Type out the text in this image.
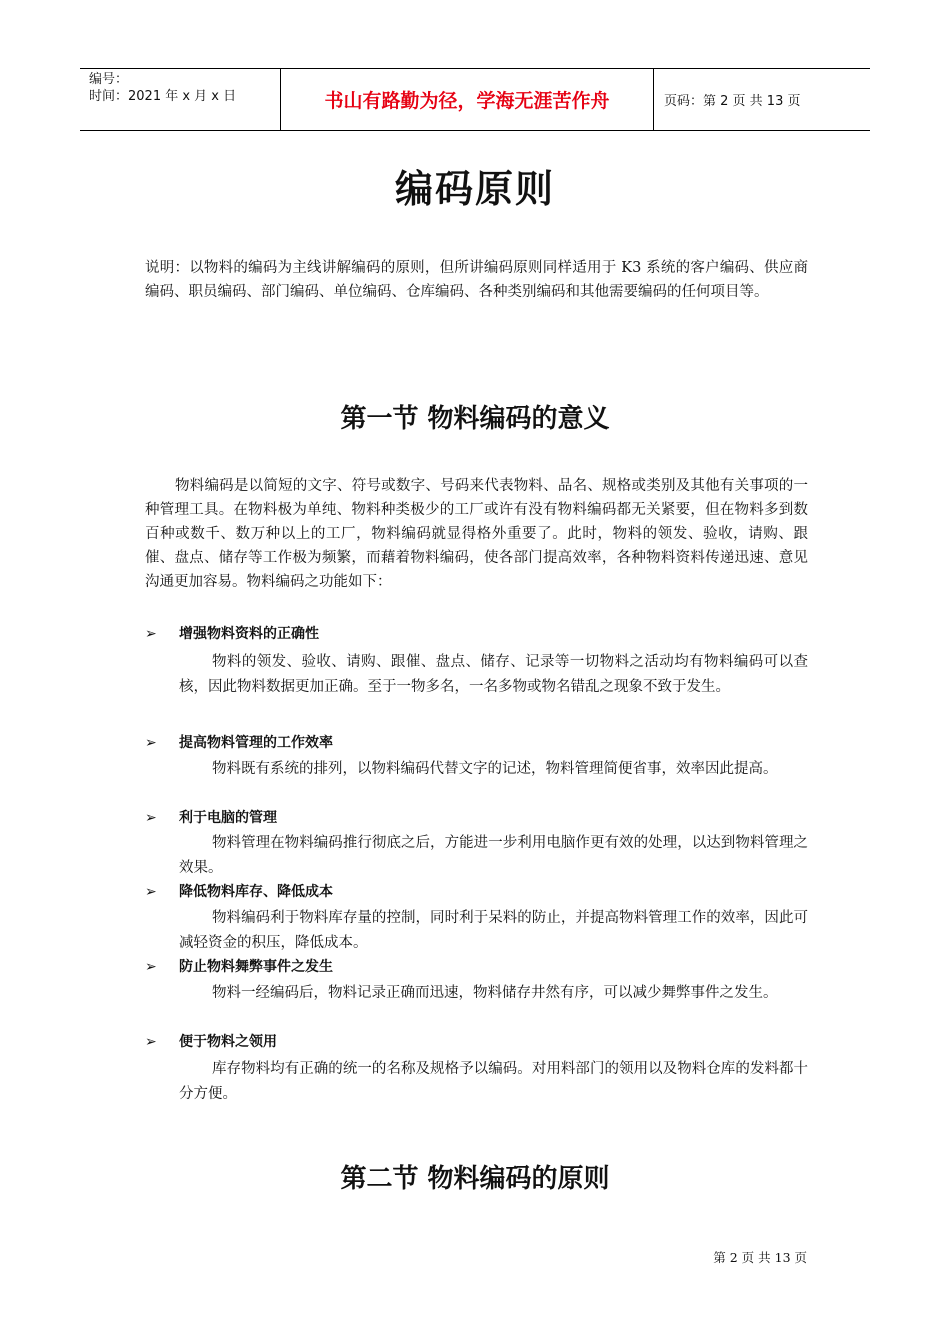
编号：
时间：2021 年 x 月 x 日	书山有路勤为径，学海无涯苦作舟	页码：第 2 页 共 13 页
编码原则
说明：以物料的编码为主线讲解编码的原则，但所讲编码原则同样适用于 K3 系统的客户编码、供应商编码、职员编码、部门编码、单位编码、仓库编码、各种类别编码和其他需要编码的任何项目等。
第一节 物料编码的意义
物料编码是以简短的文字、符号或数字、号码来代表物料、品名、规格或类别及其他有关事项的一种管理工具。在物料极为单纯、物料种类极少的工厂或许有没有物料编码都无关紧要，但在物料多到数百种或数千、数万种以上的工厂，物料编码就显得格外重要了。此时，物料的领发、验收，请购、跟催、盘点、储存等工作极为频繁，而藉着物料编码，使各部门提高效率，各种物料资料传递迅速、意见沟通更加容易。物料编码之功能如下：
➢ 增强物料资料的正确性
物料的领发、验收、请购、跟催、盘点、储存、记录等一切物料之活动均有物料编码可以查核，因此物料数据更加正确。至于一物多名，一名多物或物名错乱之现象不致于发生。
➢ 提高物料管理的工作效率
物料既有系统的排列，以物料编码代替文字的记述，物料管理简便省事，效率因此提高。
➢ 利于电脑的管理
物料管理在物料编码推行彻底之后，方能进一步利用电脑作更有效的处理，以达到物料管理之效果。
➢ 降低物料库存、降低成本
物料编码利于物料库存量的控制，同时利于呆料的防止，并提高物料管理工作的效率，因此可减轻资金的积压，降低成本。
➢ 防止物料舞弊事件之发生
物料一经编码后，物料记录正确而迅速，物料储存井然有序，可以减少舞弊事件之发生。
➢ 便于物料之领用
库存物料均有正确的统一的名称及规格予以编码。对用料部门的领用以及物料仓库的发料都十分方便。
第二节 物料编码的原则
第 2 页 共 13 页
